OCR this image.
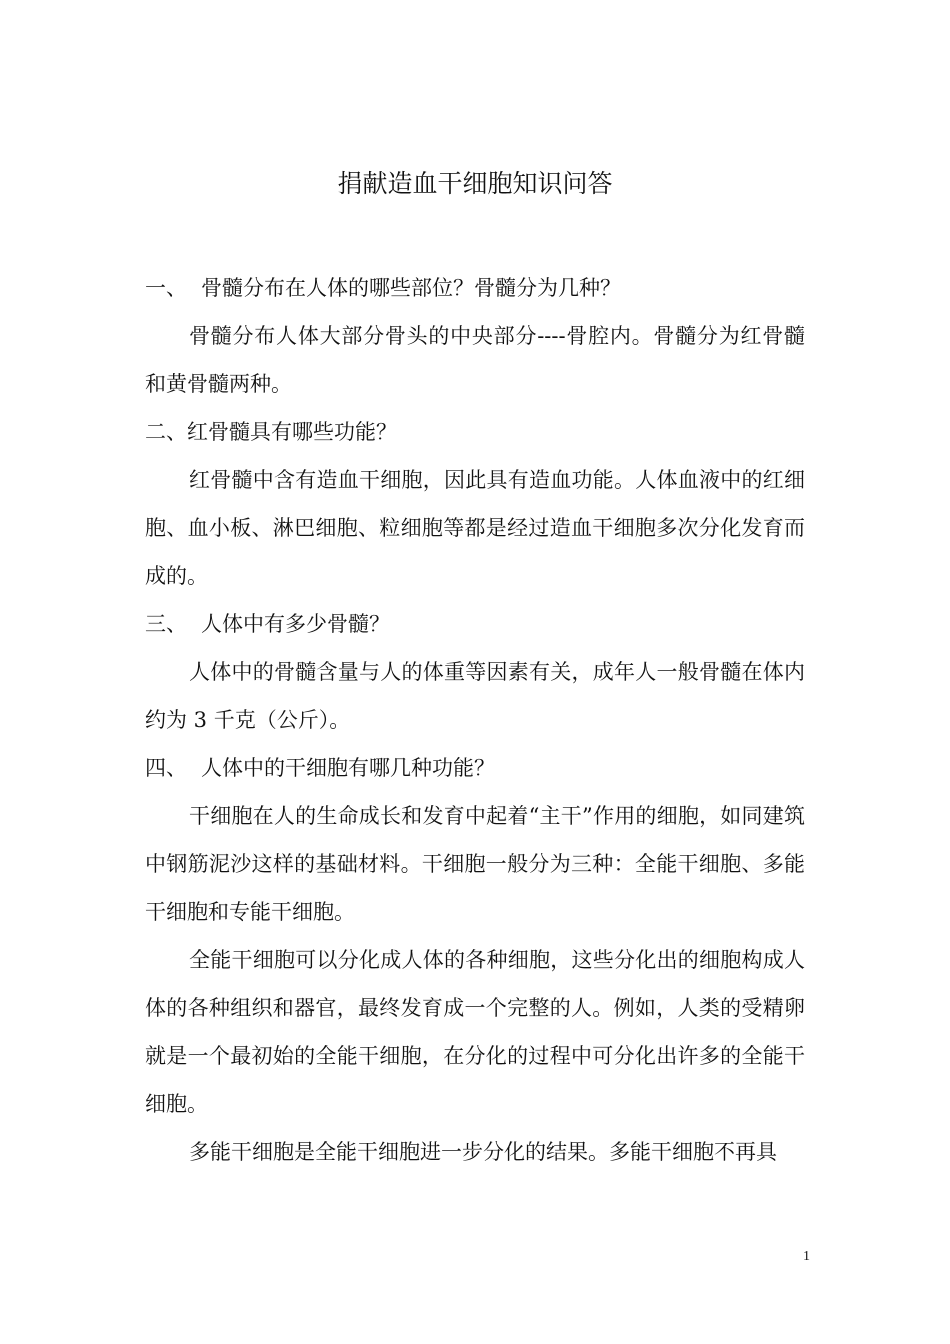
捐献造血干细胞知识问答
一、 骨髓分布在人体的哪些部位？骨髓分为几种？

骨髓分布人体大部分骨头的中央部分----骨腔内。骨髓分为红骨髓和黄骨髓两种。

二、红骨髓具有哪些功能？

红骨髓中含有造血干细胞，因此具有造血功能。人体血液中的红细胞、血小板、淋巴细胞、粒细胞等都是经过造血干细胞多次分化发育而成的。

三、 人体中有多少骨髓？

人体中的骨髓含量与人的体重等因素有关，成年人一般骨髓在体内约为 3 千克（公斤）。

四、 人体中的干细胞有哪几种功能？

干细胞在人的生命成长和发育中起着“主干”作用的细胞，如同建筑中钢筋泥沙这样的基础材料。干细胞一般分为三种：全能干细胞、多能干细胞和专能干细胞。

全能干细胞可以分化成人体的各种细胞，这些分化出的细胞构成人体的各种组织和器官，最终发育成一个完整的人。例如，人类的受精卵就是一个最初始的全能干细胞，在分化的过程中可分化出许多的全能干细胞。

多能干细胞是全能干细胞进一步分化的结果。多能干细胞不再具

1
